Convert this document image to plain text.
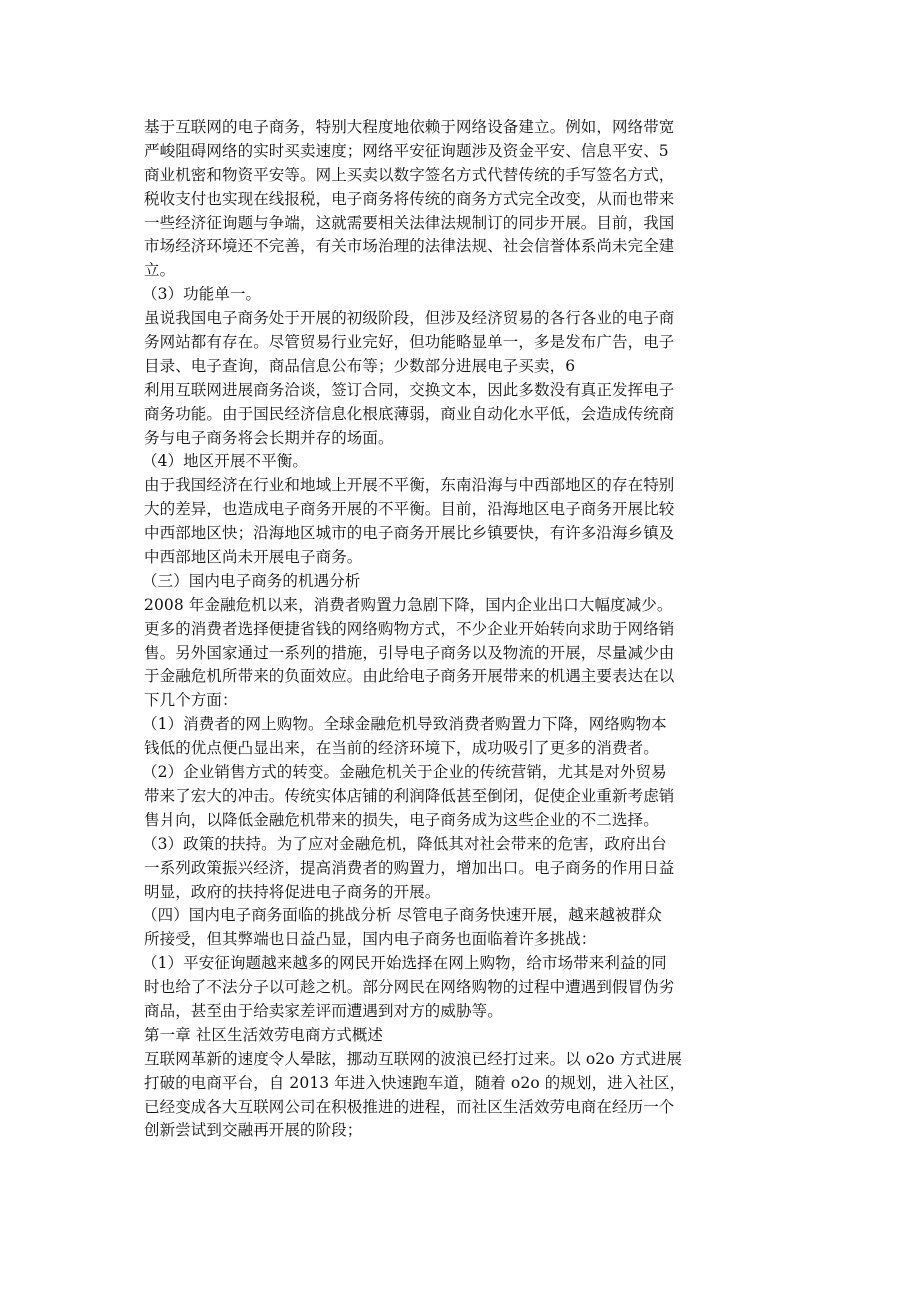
基于互联网的电子商务，特别大程度地依赖于网络设备建立。例如，网络带宽
严峻阻碍网络的实时买卖速度；网络平安征询题涉及资金平安、信息平安、5
商业机密和物资平安等。网上买卖以数字签名方式代替传统的手写签名方式，
税收支付也实现在线报税，电子商务将传统的商务方式完全改变，从而也带来
一些经济征询题与争端，这就需要相关法律法规制订的同步开展。目前，我国
市场经济环境还不完善，有关市场治理的法律法规、社会信誉体系尚未完全建
立。
（3）功能单一。
虽说我国电子商务处于开展的初级阶段，但涉及经济贸易的各行各业的电子商
务网站都有存在。尽管贸易行业完好，但功能略显单一，多是发布广告，电子
目录、电子查询，商品信息公布等；少数部分进展电子买卖，6
利用互联网进展商务洽谈，签订合同，交换文本，因此多数没有真正发挥电子
商务功能。由于国民经济信息化根底薄弱，商业自动化水平低，会造成传统商
务与电子商务将会长期并存的场面。
（4）地区开展不平衡。
由于我国经济在行业和地域上开展不平衡，东南沿海与中西部地区的存在特别
大的差异，也造成电子商务开展的不平衡。目前，沿海地区电子商务开展比较
中西部地区快；沿海地区城市的电子商务开展比乡镇要快，有许多沿海乡镇及
中西部地区尚未开展电子商务。
（三）国内电子商务的机遇分析
2008 年金融危机以来，消费者购置力急剧下降，国内企业出口大幅度减少。
更多的消费者选择便捷省钱的网络购物方式，不少企业开始转向求助于网络销
售。另外国家通过一系列的措施，引导电子商务以及物流的开展，尽量减少由
于金融危机所带来的负面效应。由此给电子商务开展带来的机遇主要表达在以
下几个方面：
（1）消费者的网上购物。全球金融危机导致消费者购置力下降，网络购物本
钱低的优点便凸显出来，在当前的经济环境下，成功吸引了更多的消费者。
（2）企业销售方式的转变。金融危机关于企业的传统营销，尤其是对外贸易
带来了宏大的冲击。传统实体店铺的利润降低甚至倒闭，促使企业重新考虑销
售爿向，以降低金融危机带来的损失，电子商务成为这些企业的不二选择。
（3）政策的扶持。为了应对金融危机，降低其对社会带来的危害，政府出台
一系列政策振兴经济，提高消费者的购置力，增加出口。电子商务的作用日益
明显，政府的扶持将促进电子商务的开展。
（四）国内电子商务面临的挑战分析 尽管电子商务快速开展，越来越被群众
所接受，但其弊端也日益凸显，国内电子商务也面临着许多挑战：
（1）平安征询题越来越多的网民开始选择在网上购物，给市场带来利益的同
时也给了不法分子以可趁之机。部分网民在网络购物的过程中遭遇到假冒伪劣
商品，甚至由于给卖家差评而遭遇到对方的威胁等。
第一章 社区生活效劳电商方式概述
互联网革新的速度令人晕眩，挪动互联网的波浪已经打过来。以 o2o 方式进展
打破的电商平台，自 2013 年进入快速跑车道，随着 o2o 的规划，进入社区，
已经变成各大互联网公司在积极推进的进程，而社区生活效劳电商在经历一个
创新尝试到交融再开展的阶段；
